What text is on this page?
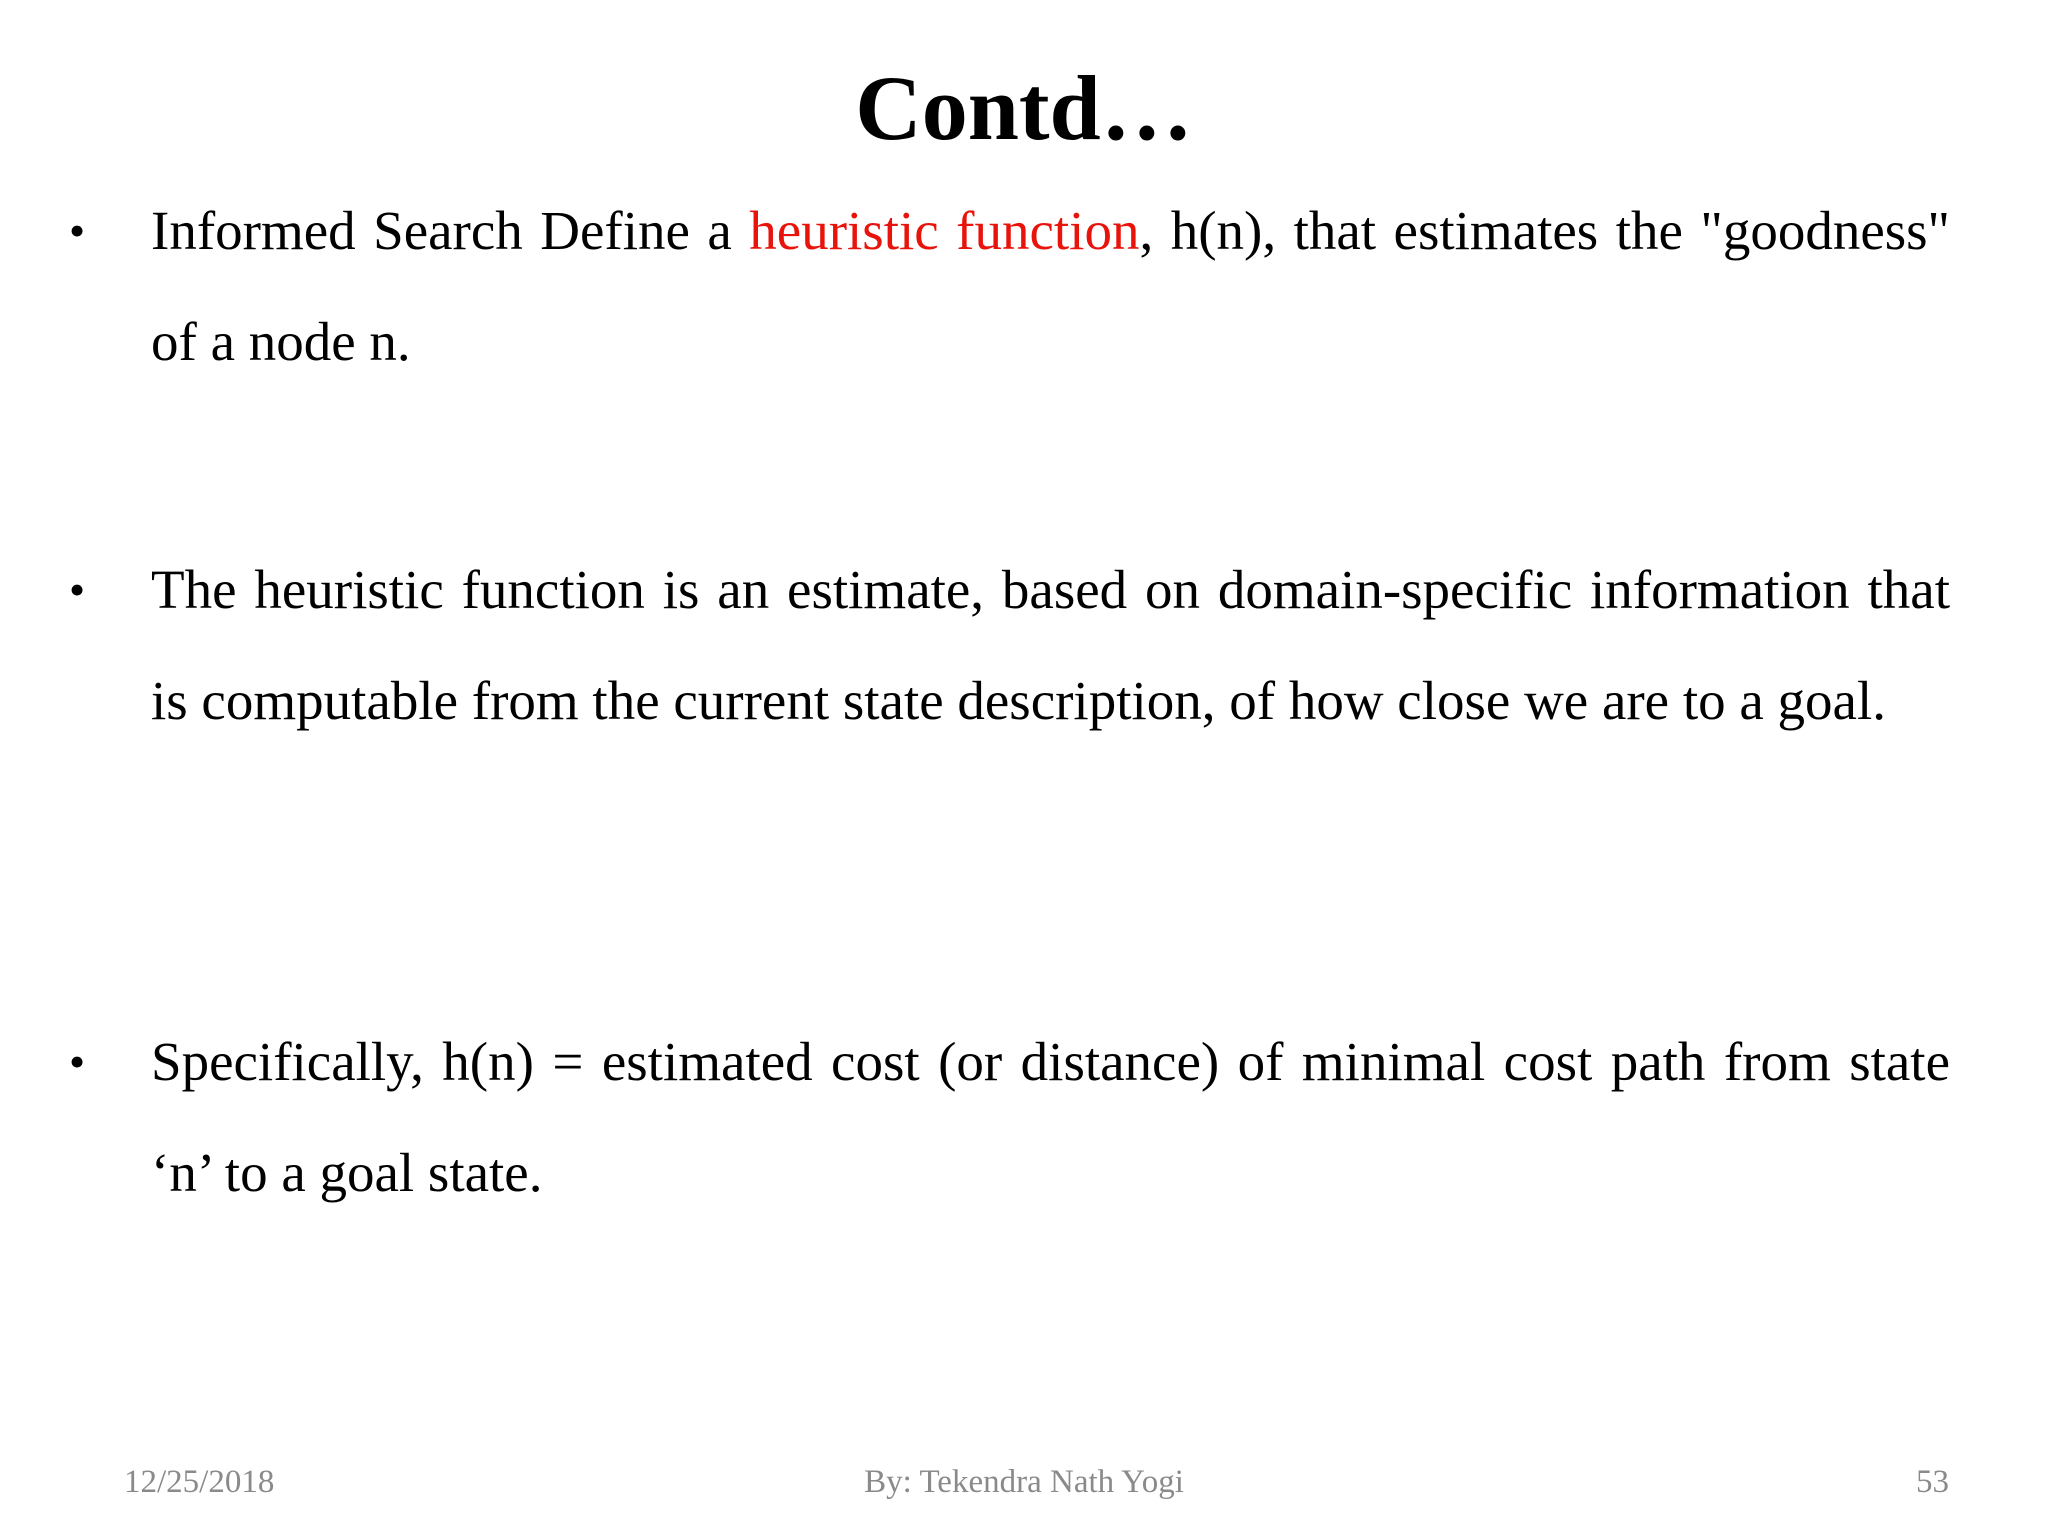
Contd…
• Informed Search Define a heuristic function, h(n), that estimates the "goodness" of a node n.
• The heuristic function is an estimate, based on domain-specific information that is computable from the current state description, of how close we are to a goal.
• Specifically, h(n) = estimated cost (or distance) of minimal cost path from state ‘n’ to a goal state.
12/25/2018	By: Tekendra Nath Yogi	53
